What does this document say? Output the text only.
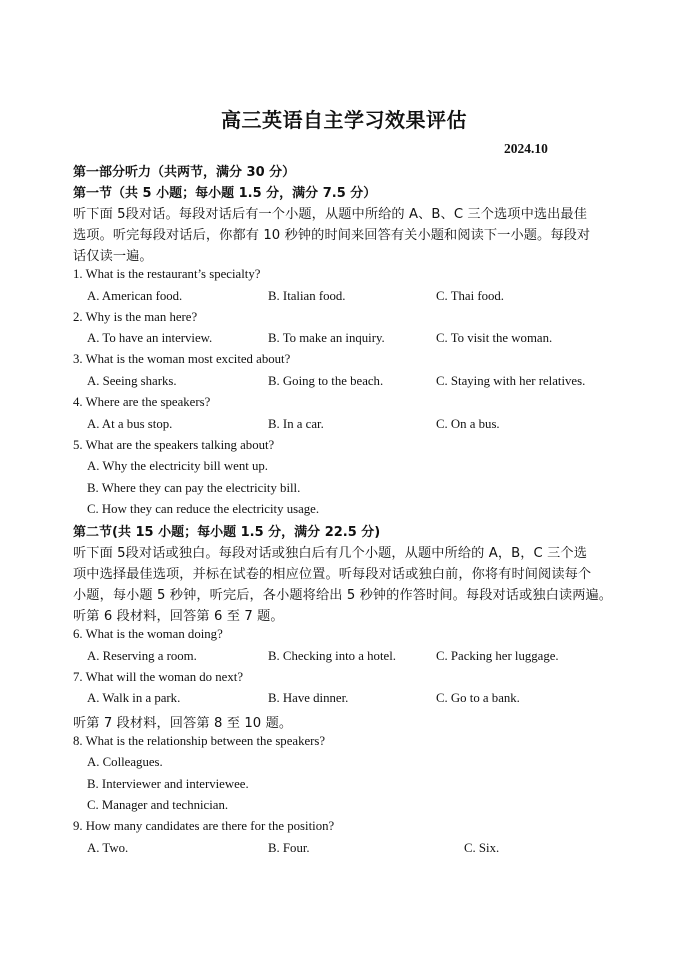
高三英语自主学习效果评估
2024.10
第一部分听力（共两节，满分 30 分）
第一节（共 5 小题；每小题 1.5 分，满分 7.5 分）
听下面 5段对话。每段对话后有一个小题，从题中所给的 A、B、C 三个选项中选出最佳
选项。听完每段对话后，你都有 10 秒钟的时间来回答有关小题和阅读下一小题。每段对
话仅读一遍。
1. What is the restaurant’s specialty?
A. American food.	B. Italian food.	C. Thai food.
2. Why is the man here?
A. To have an interview.	B. To make an inquiry.	C. To visit the woman.
3. What is the woman most excited about?
A. Seeing sharks.	B. Going to the beach.	C. Staying with her relatives.
4. Where are the speakers?
A. At a bus stop.	B. In a car.	C. On a bus.
5. What are the speakers talking about?
A. Why the electricity bill went up.
B. Where they can pay the electricity bill.
C. How they can reduce the electricity usage.
第二节(共 15 小题；每小题 1.5 分，满分 22.5 分)
听下面 5段对话或独白。每段对话或独白后有几个小题，从题中所给的 A，B，C 三个选
项中选择最佳选项，并标在试卷的相应位置。听每段对话或独白前，你将有时间阅读每个
小题，每小题 5 秒钟，听完后，各小题将给出 5 秒钟的作答时间。每段对话或独白读两遍。
听第 6 段材料，回答第 6 至 7 题。
6. What is the woman doing?
A. Reserving a room.	B. Checking into a hotel.	C. Packing her luggage.
7. What will the woman do next?
A. Walk in a park.	B. Have dinner.	C. Go to a bank.
听第 7 段材料，回答第 8 至 10 题。
8. What is the relationship between the speakers?
A. Colleagues.
B. Interviewer and interviewee.
C. Manager and technician.
9. How many candidates are there for the position?
A. Two.	B. Four.	C. Six.
